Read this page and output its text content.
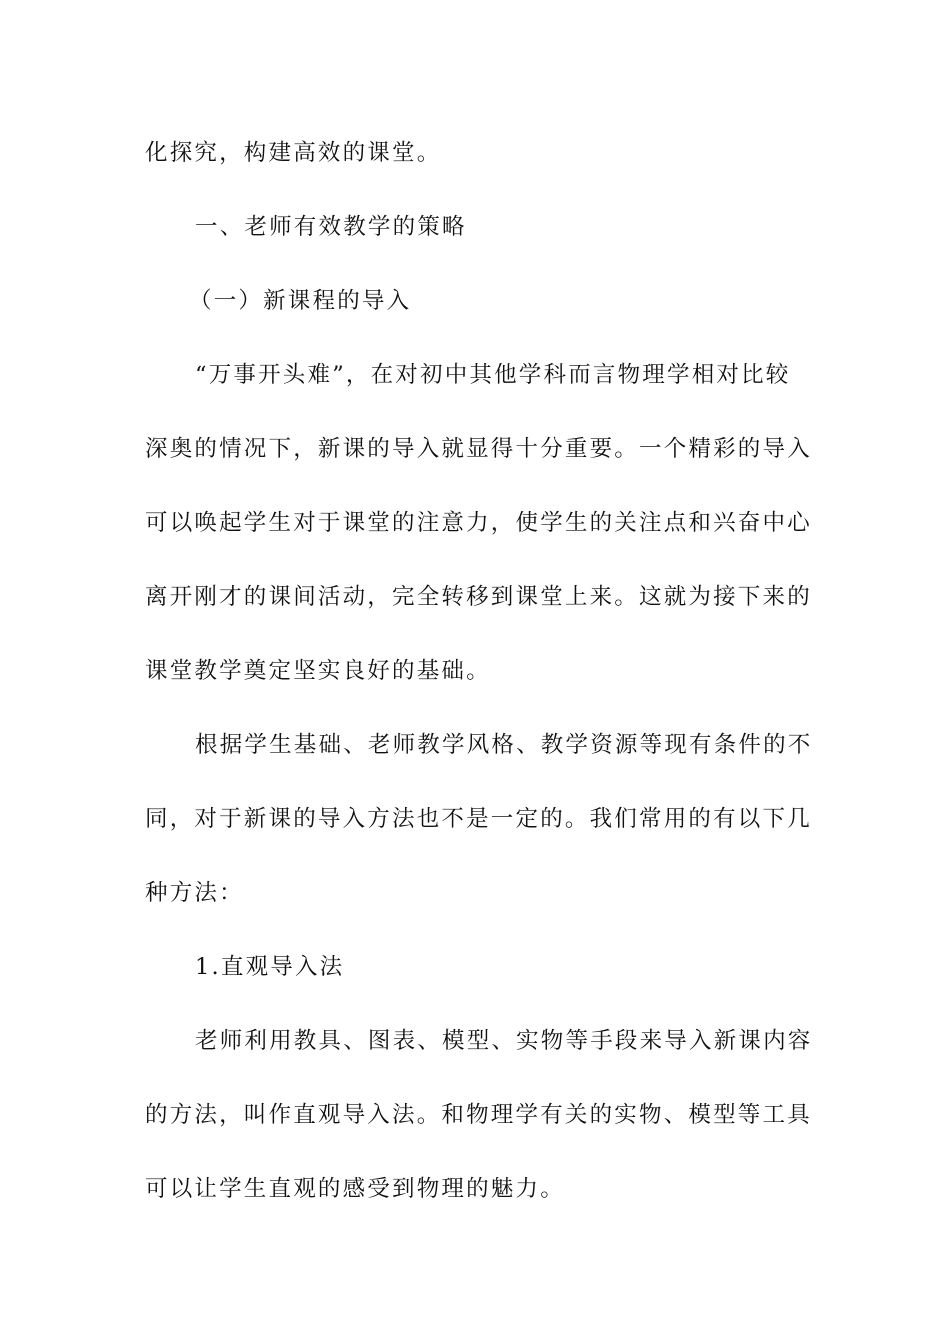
化探究，构建高效的课堂。
一、老师有效教学的策略
（一）新课程的导入
“万事开头难”，在对初中其他学科而言物理学相对比较
深奥的情况下，新课的导入就显得十分重要。一个精彩的导入
可以唤起学生对于课堂的注意力，使学生的关注点和兴奋中心
离开刚才的课间活动，完全转移到课堂上来。这就为接下来的
课堂教学奠定坚实良好的基础。
根据学生基础、老师教学风格、教学资源等现有条件的不
同，对于新课的导入方法也不是一定的。我们常用的有以下几
种方法：
1.直观导入法
老师利用教具、图表、模型、实物等手段来导入新课内容
的方法，叫作直观导入法。和物理学有关的实物、模型等工具
可以让学生直观的感受到物理的魅力。
